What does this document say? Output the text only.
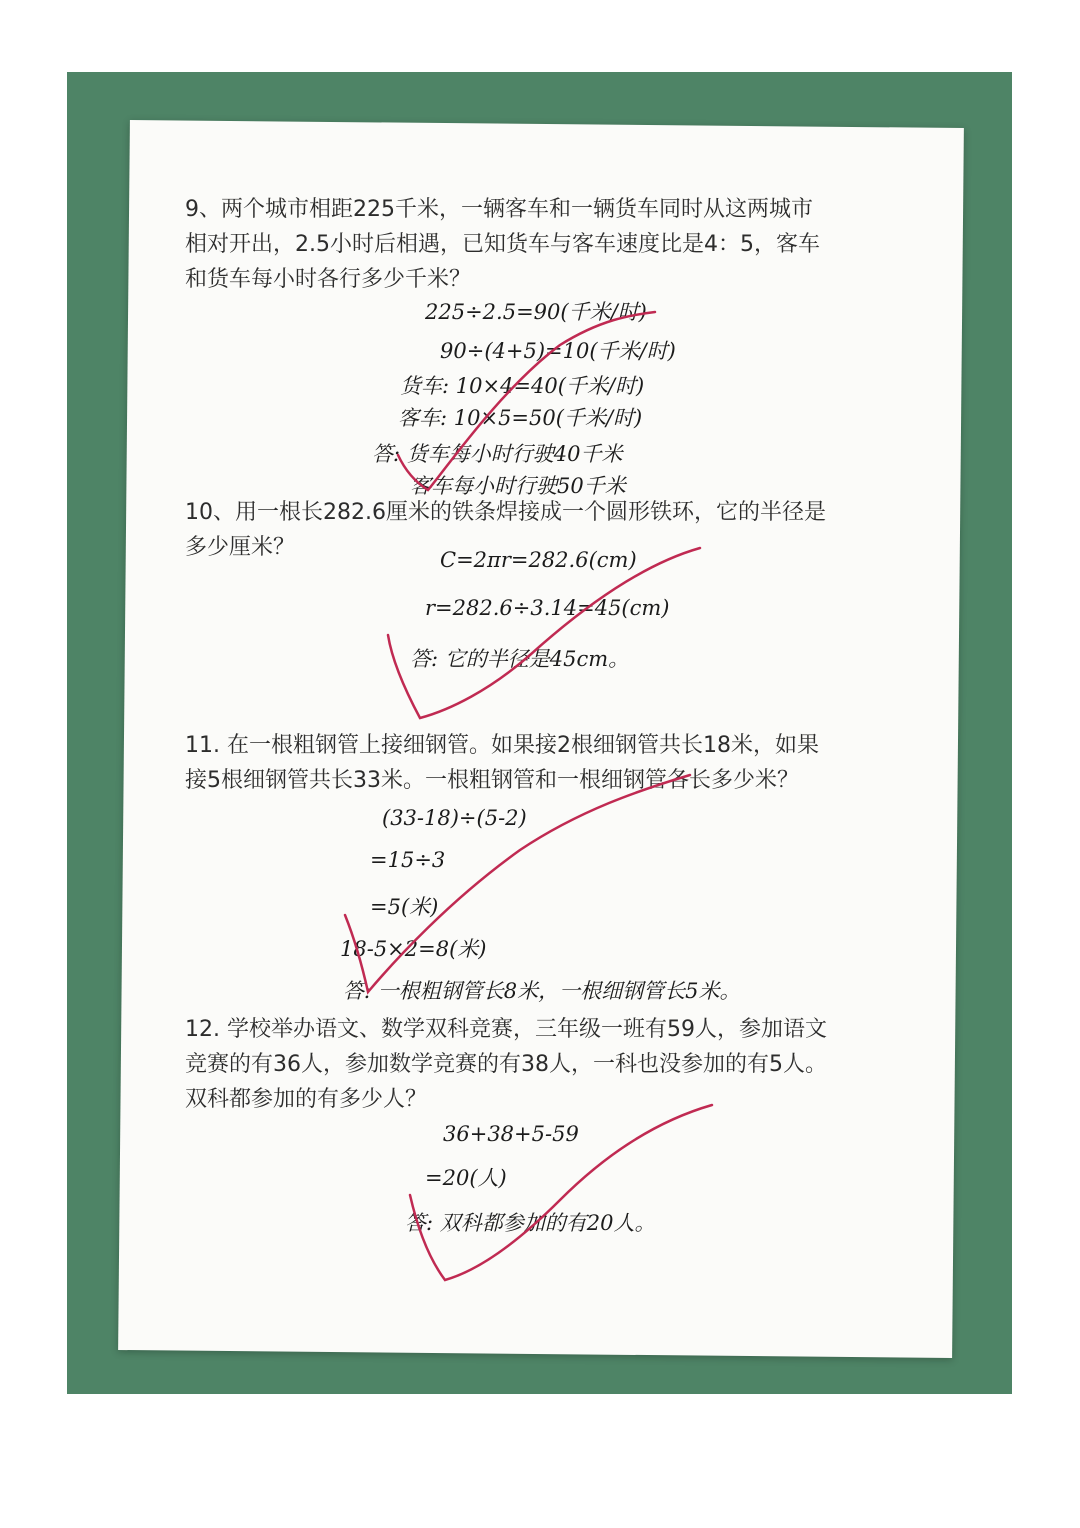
9、两个城市相距225千米，一辆客车和一辆货车同时从这两城市
相对开出，2.5小时后相遇，已知货车与客车速度比是4：5，客车
和货车每小时各行多少千米？
225÷2.5=90(千米/时)
90÷(4+5)=10(千米/时)
货车: 10×4=40(千米/时)
客车: 10×5=50(千米/时)
答: 货车每小时行驶40千米
客车每小时行驶50千米
10、用一根长282.6厘米的铁条焊接成一个圆形铁环，它的半径是
多少厘米？	C=2πr=282.6(cm)
r=282.6÷3.14=45(cm)
答: 它的半径是45cm。
11. 在一根粗钢管上接细钢管。如果接2根细钢管共长18米，如果
接5根细钢管共长33米。一根粗钢管和一根细钢管各长多少米？
(33-18)÷(5-2)
=15÷3
=5(米)
18-5×2=8(米)
答: 一根粗钢管长8米，一根细钢管长5米。
12. 学校举办语文、数学双科竞赛，三年级一班有59人，参加语文
竞赛的有36人，参加数学竞赛的有38人，一科也没参加的有5人。
双科都参加的有多少人？
36+38+5-59
=20(人)
答: 双科都参加的有20人。
